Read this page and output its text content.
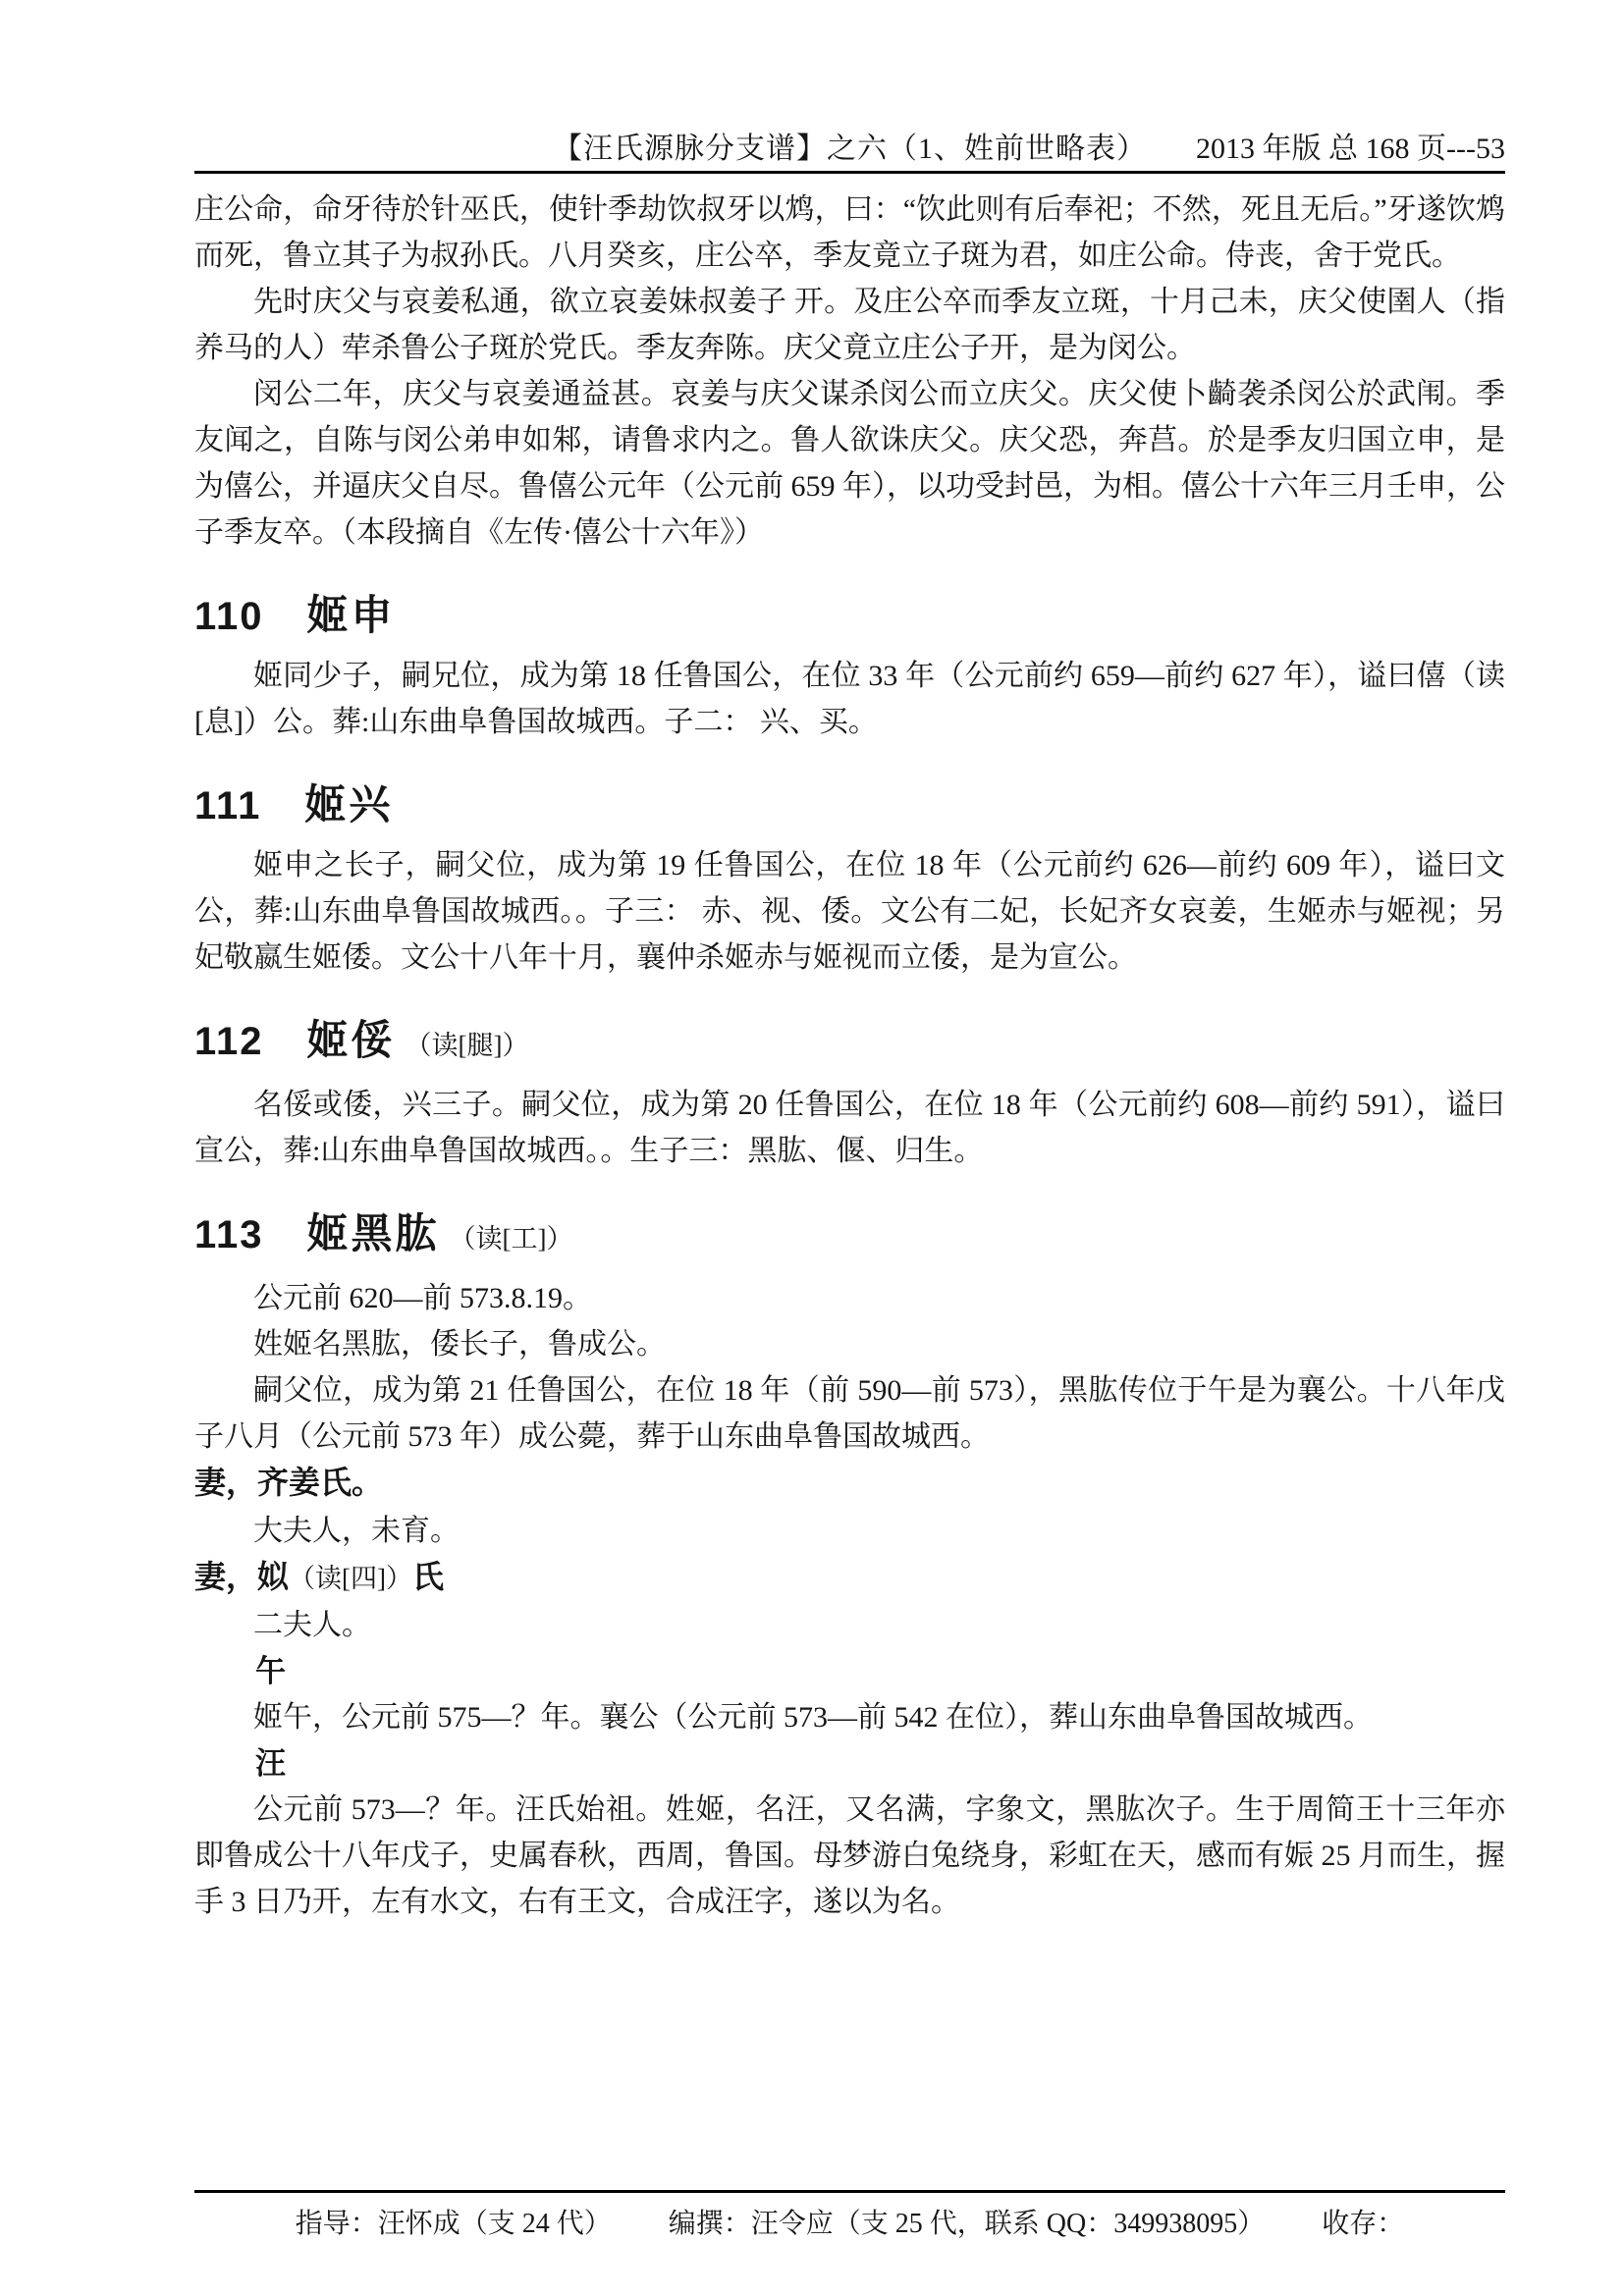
【汪氏源脉分支谱】之六（1、姓前世略表）	2013 年版 总 168 页---53

庄公命，命牙待於针巫氏，使针季劫饮叔牙以鸩，曰：“饮此则有后奉祀；不然，死且无后。”牙遂饮鸩而死，鲁立其子为叔孙氏。八月癸亥，庄公卒，季友竟立子斑为君，如庄公命。侍丧，舍于党氏。

先时庆父与哀姜私通，欲立哀姜妹叔姜子 开。及庄公卒而季友立斑，十月己未，庆父使圉人（指养马的人）荦杀鲁公子斑於党氏。季友奔陈。庆父竟立庄公子开，是为闵公。

闵公二年，庆父与哀姜通益甚。哀姜与庆父谋杀闵公而立庆父。庆父使卜齮袭杀闵公於武闱。季友闻之，自陈与闵公弟申如邾，请鲁求内之。鲁人欲诛庆父。庆父恐，奔莒。於是季友归国立申，是为僖公，并逼庆父自尽。鲁僖公元年（公元前 659 年），以功受封邑，为相。僖公十六年三月壬申，公子季友卒。（本段摘自《左传·僖公十六年》）

110 姬申

姬同少子，嗣兄位，成为第 18 任鲁国公，在位 33 年（公元前约 659—前约 627 年），谥曰僖（读[息]）公。葬:山东曲阜鲁国故城西。子二： 兴、买。

111 姬兴

姬申之长子，嗣父位，成为第 19 任鲁国公，在位 18 年（公元前约 626—前约 609 年），谥曰文公，葬:山东曲阜鲁国故城西。。子三： 赤、视、倭。文公有二妃，长妃齐女哀姜，生姬赤与姬视；另妃敬嬴生姬倭。文公十八年十月，襄仲杀姬赤与姬视而立倭，是为宣公。

112 姬俀 （读[腿]）

名俀或倭，兴三子。嗣父位，成为第 20 任鲁国公，在位 18 年（公元前约 608—前约 591），谥曰宣公，葬:山东曲阜鲁国故城西。。生子三：黑肱、偃、归生。

113 姬黑肱 （读[工]）

公元前 620—前 573.8.19。

姓姬名黑肱，倭长子，鲁成公。

嗣父位，成为第 21 任鲁国公，在位 18 年（前 590—前 573），黑肱传位于午是为襄公。十八年戊子八月（公元前 573 年）成公薨，葬于山东曲阜鲁国故城西。

妻，齐姜氏。

大夫人，未育。

妻，姒（读[四]）氏

二夫人。

午

姬午，公元前 575—？年。襄公（公元前 573—前 542 在位），葬山东曲阜鲁国故城西。

汪

公元前 573—？年。汪氏始祖。姓姬，名汪，又名满，字象文，黑肱次子。生于周简王十三年亦即鲁成公十八年戊子，史属春秋，西周，鲁国。母梦游白兔绕身，彩虹在天，感而有娠 25 月而生，握手 3 日乃开，左有水文，右有王文，合成汪字，遂以为名。

指导：汪怀成（支 24 代） 编撰：汪令应（支 25 代，联系 QQ：349938095） 收存：
